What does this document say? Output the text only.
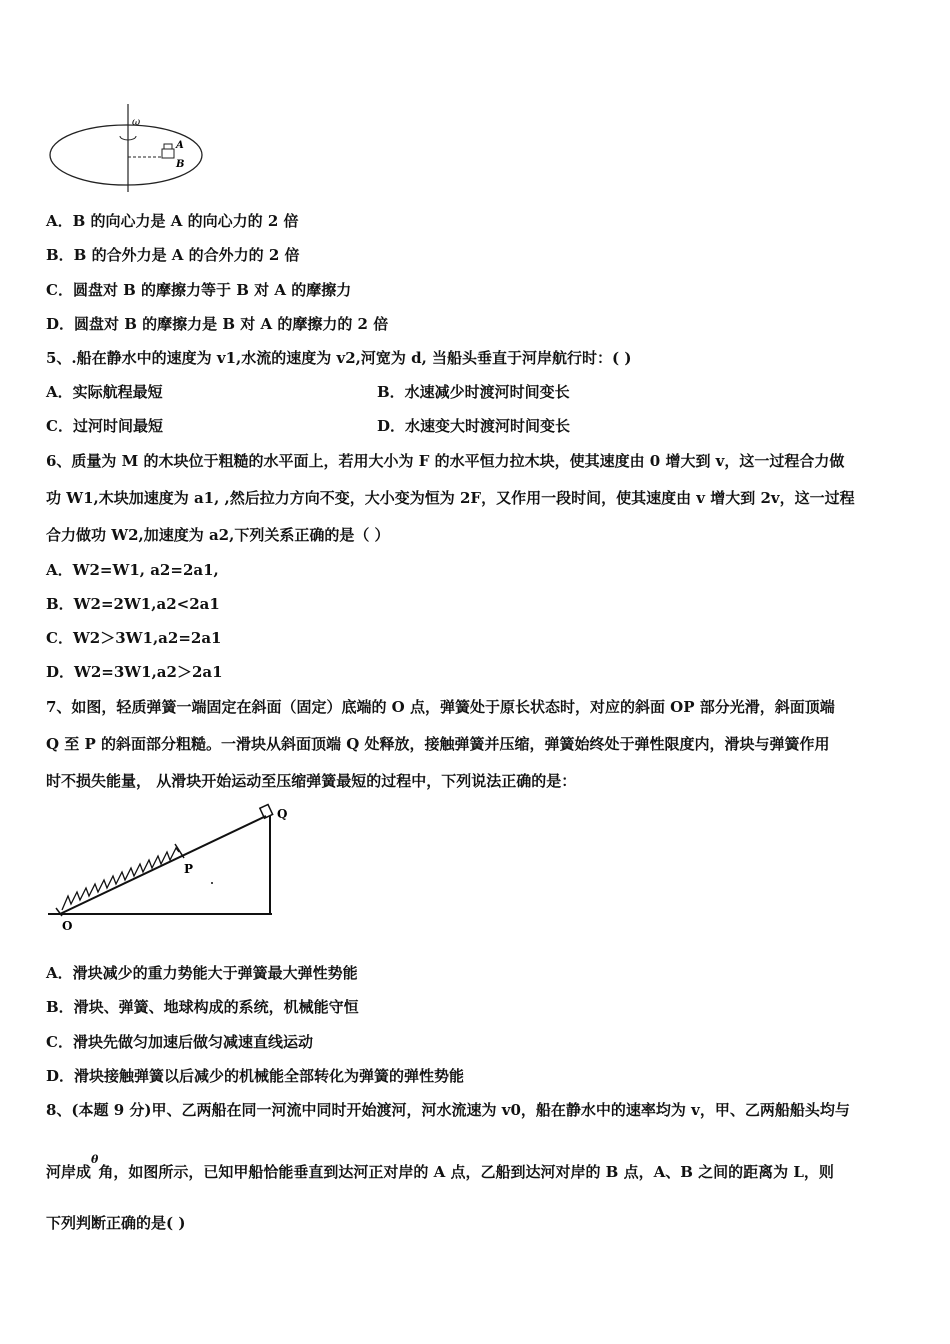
ω
A
B
A．B 的向心力是 A 的向心力的 2 倍
B．B 的合外力是 A 的合外力的 2 倍
C．圆盘对 B 的摩擦力等于 B 对 A 的摩擦力
D．圆盘对 B 的摩擦力是 B 对 A 的摩擦力的 2 倍
5、.船在静水中的速度为 v1,水流的速度为 v2,河宽为 d, 当船头垂直于河岸航行时：( )
A．实际航程最短	B．水速减少时渡河时间变长
C．过河时间最短	D．水速变大时渡河时间变长
6、质量为 M 的木块位于粗糙的水平面上，若用大小为 F 的水平恒力拉木块，使其速度由 0 增大到 v，这一过程合力做
功 W1,木块加速度为 a1, ,然后拉力方向不变，大小变为恒为 2F，又作用一段时间，使其速度由 v 增大到 2v，这一过程
合力做功 W2,加速度为 a2,下列关系正确的是（ ）
A．W2=W1, a2=2a1,
B．W2=2W1,a2<2a1
C．W2＞3W1,a2=2a1
D．W2=3W1,a2＞2a1
7、如图，轻质弹簧一端固定在斜面（固定）底端的 O 点，弹簧处于原长状态时，对应的斜面 OP 部分光滑，斜面顶端
Q 至 P 的斜面部分粗糙。一滑块从斜面顶端 Q 处释放，接触弹簧并压缩，弹簧始终处于弹性限度内，滑块与弹簧作用
时不损失能量， 从滑块开始运动至压缩弹簧最短的过程中，下列说法正确的是：
Q
P
O
A．滑块减少的重力势能大于弹簧最大弹性势能
B．滑块、弹簧、地球构成的系统，机械能守恒
C．滑块先做匀加速后做匀减速直线运动
D．滑块接触弹簧以后减少的机械能全部转化为弹簧的弹性势能
8、(本题 9 分)甲、乙两船在同一河流中同时开始渡河，河水流速为 v0，船在静水中的速率均为 v，甲、乙两船船头均与
河岸成$^\theta$角，如图所示，已知甲船恰能垂直到达河正对岸的 A 点，乙船到达河对岸的 B 点，A、B 之间的距离为 L，则
下列判断正确的是( )
